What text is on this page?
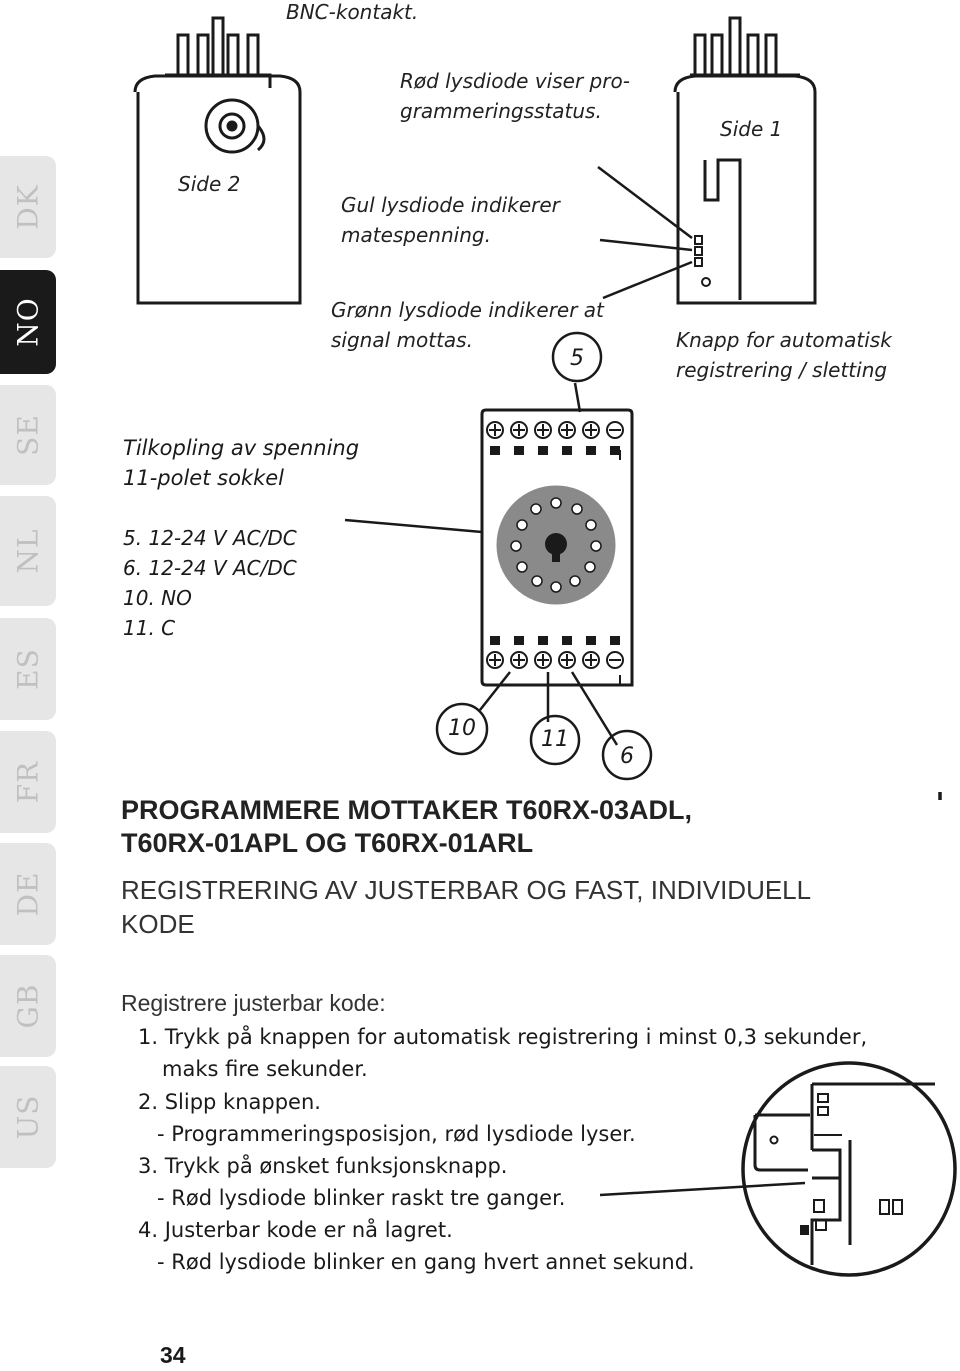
DK
NO
SE
NL
ES
FR
DE
GB
US
BNC-kontakt.
Rød lysdiode viser pro-
grammeringsstatus.
Side 1
Side 2
Gul lysdiode indikerer
matespenning.
Grønn lysdiode indikerer at
signal mottas.	Knapp for automatisk
registrering / sletting
5
10	11
6
Tilkopling av spenning
11-polet sokkel
5. 12-24 V AC/DC
6. 12-24 V AC/DC
10. NO
11. C
PROGRAMMERE MOTTAKER T60RX-03ADL,
T60RX-01APL OG T60RX-01ARL
REGISTRERING AV JUSTERBAR OG FAST, INDIVIDUELL
KODE
Registrere justerbar kode:
1. Trykk på knappen for automatisk registrering i minst 0,3 sekunder,
maks fire sekunder.
2. Slipp knappen.
- Programmeringsposisjon, rød lysdiode lyser.
3. Trykk på ønsket funksjonsknapp.
- Rød lysdiode blinker raskt tre ganger.
4. Justerbar kode er nå lagret.
- Rød lysdiode blinker en gang hvert annet sekund.
34
